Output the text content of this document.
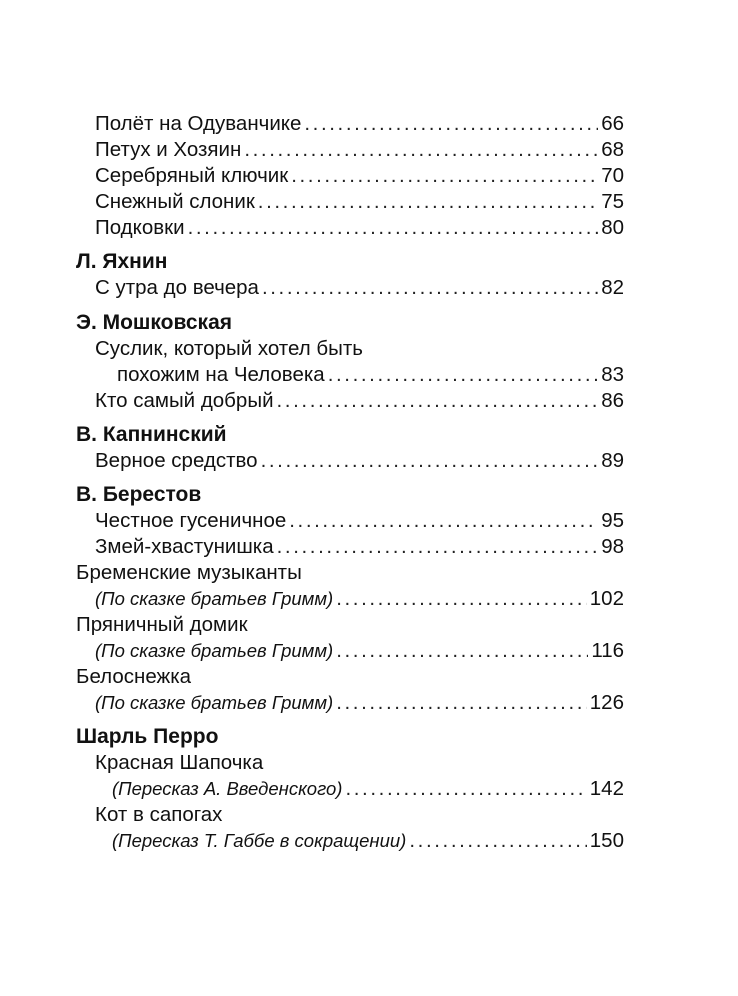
Полёт на Одуванчике .....	66
Петух и Хозяин .....	68
Серебряный ключик .....	70
Снежный слоник .....	75
Подковки .....	80
Л. Яхнин
С утра до вечера .....	82
Э. Мошковская
Суслик, который хотел быть
похожим на Человека .....	83
Кто самый добрый .....	86
В. Капнинский
Верное средство .....	89
В. Берестов
Честное гусеничное .....	95
Змей-хвастунишка .....	98
Бременские музыканты
(По сказке братьев Гримм) .....	102
Пряничный домик
(По сказке братьев Гримм) .....	116
Белоснежка
(По сказке братьев Гримм) .....	126
Шарль Перро
Красная Шапочка
(Пересказ А. Введенского) .....	142
Кот в сапогах
(Пересказ Т. Габбе в сокращении) .....	150
